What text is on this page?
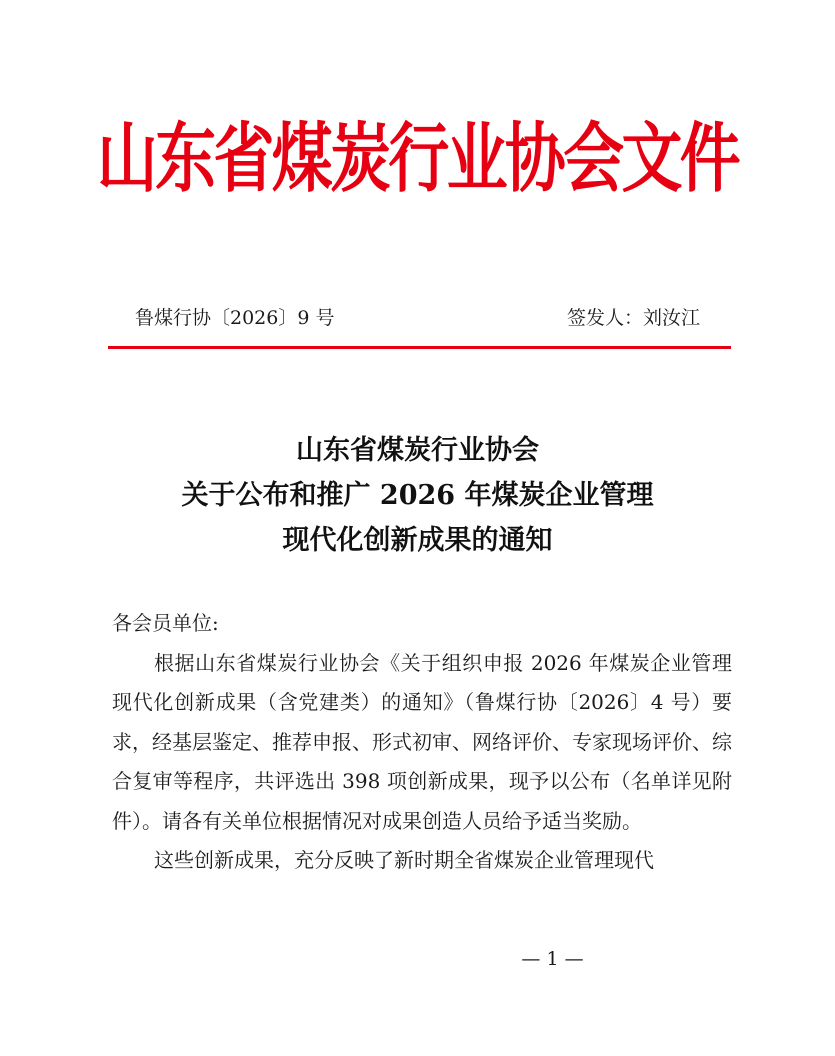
山东省煤炭行业协会文件
鲁煤行协〔2026〕9 号	签发人：刘汝江
山东省煤炭行业协会
关于公布和推广 2026 年煤炭企业管理
现代化创新成果的通知

各会员单位:

根据山东省煤炭行业协会《关于组织申报 2026 年煤炭企业管理现代化创新成果（含党建类）的通知》（鲁煤行协〔2026〕4 号）要求，经基层鉴定、推荐申报、形式初审、网络评价、专家现场评价、综合复审等程序，共评选出 398 项创新成果，现予以公布（名单详见附件）。请各有关单位根据情况对成果创造人员给予适当奖励。

这些创新成果，充分反映了新时期全省煤炭企业管理现代

— 1 —
